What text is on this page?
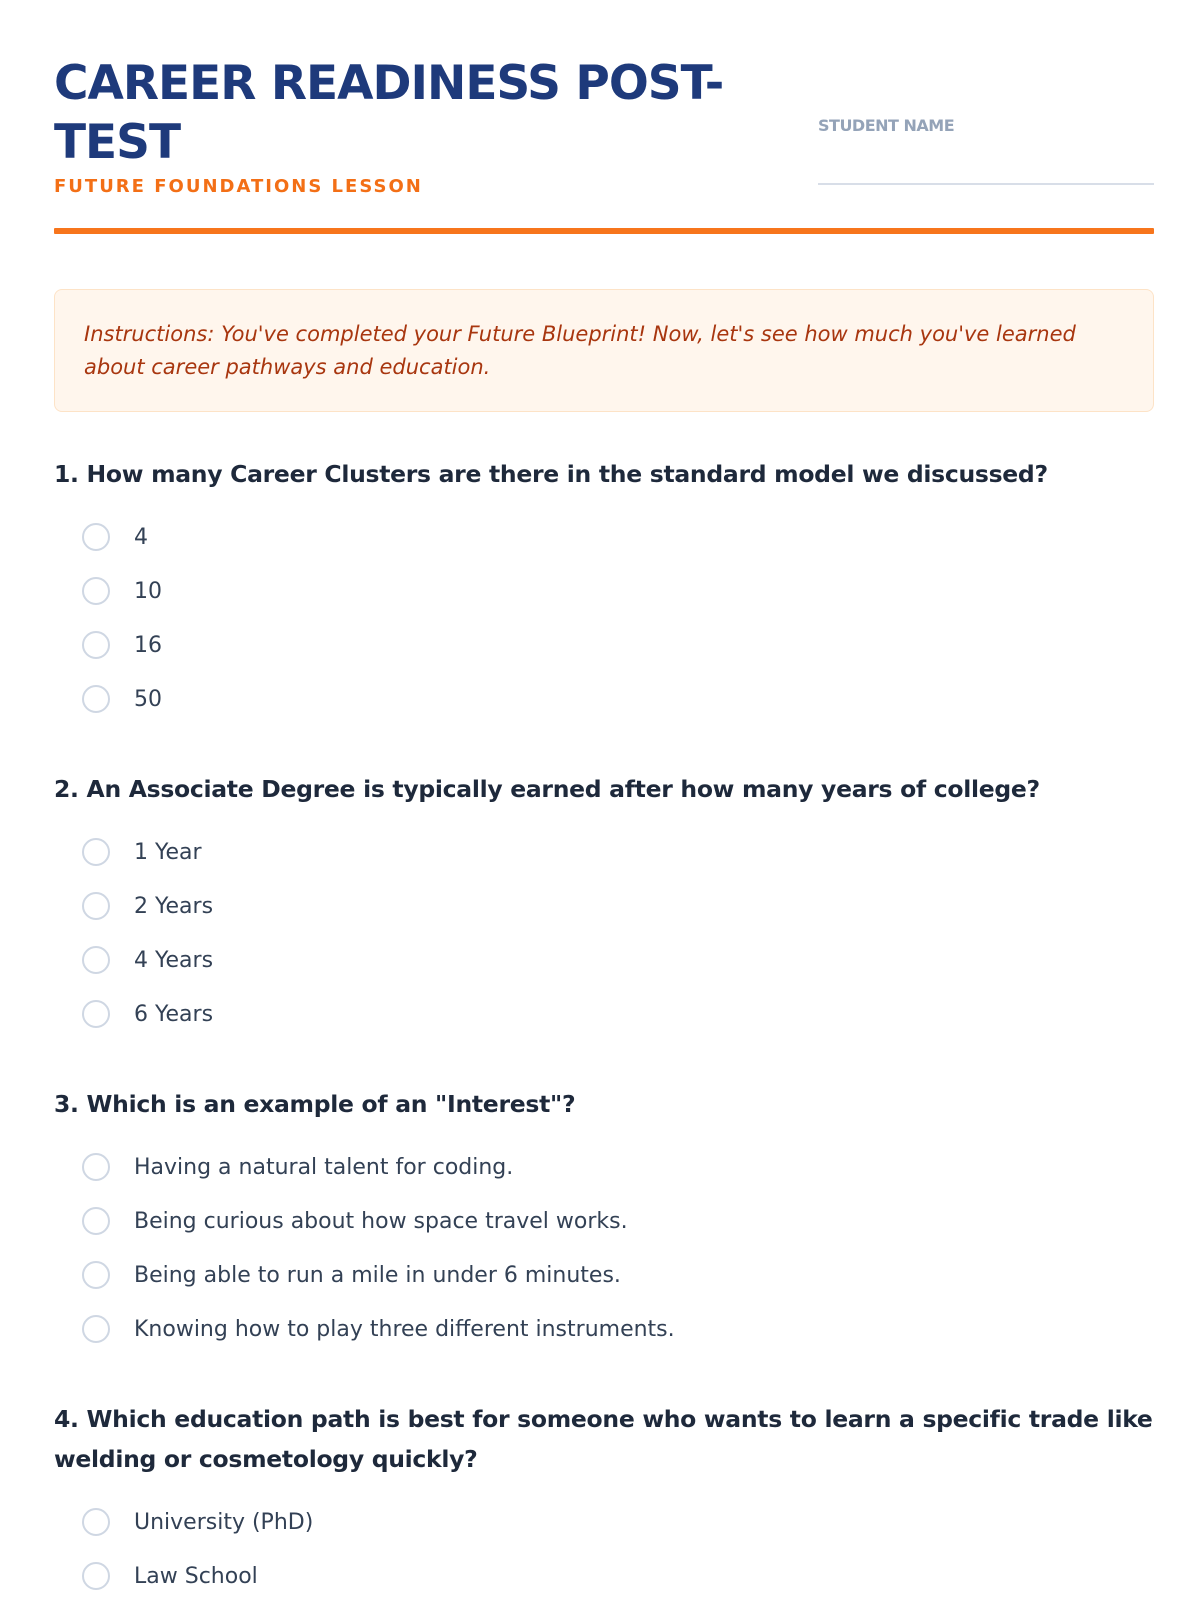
CAREER READINESS POST-TEST
FUTURE FOUNDATIONS LESSON
STUDENT NAME
Instructions: You've completed your Future Blueprint! Now, let's see how much you've learned about career pathways and education.

1. How many Career Clusters are there in the standard model we discussed?

4
10
16
50

2. An Associate Degree is typically earned after how many years of college?

1 Year
2 Years
4 Years
6 Years

3. Which is an example of an "Interest"?

Having a natural talent for coding.
Being curious about how space travel works.
Being able to run a mile in under 6 minutes.
Knowing how to play three different instruments.

4. Which education path is best for someone who wants to learn a specific trade like welding or cosmetology quickly?

University (PhD)
Law School
